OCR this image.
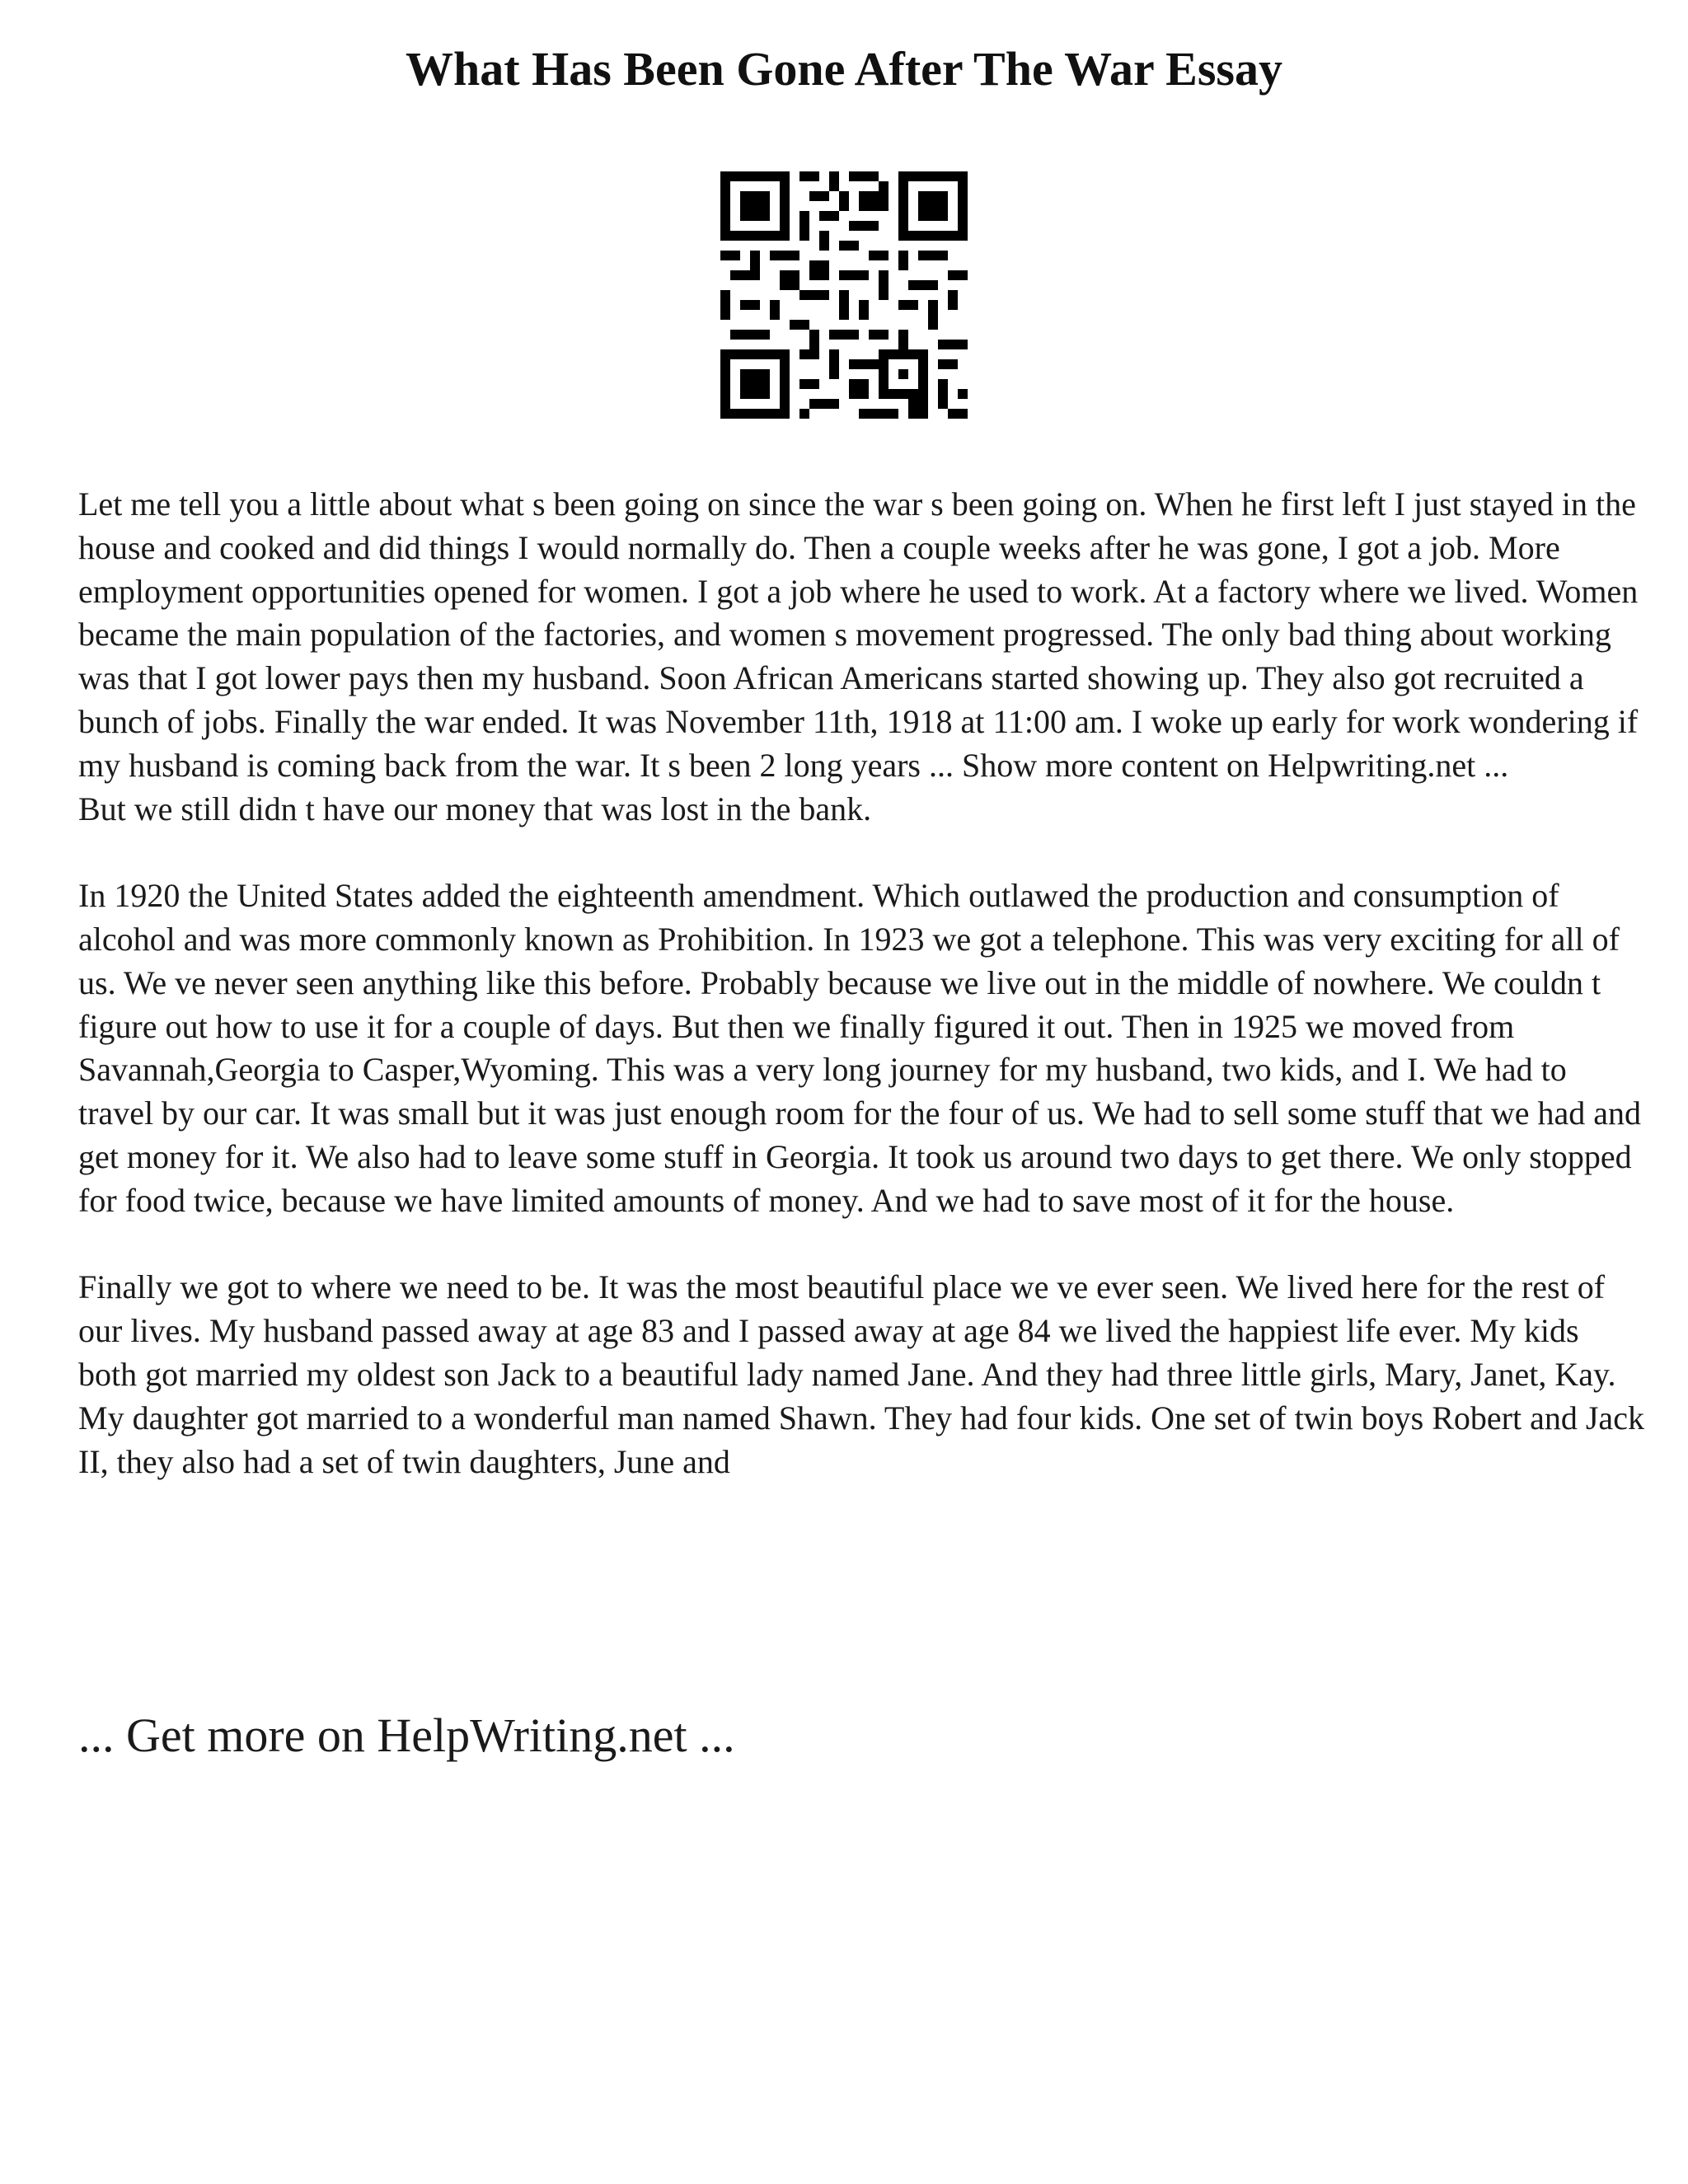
What Has Been Gone After The War Essay

Let me tell you a little about what s been going on since the war s been going on. When he first left I just stayed in the house and cooked and did things I would normally do. Then a couple weeks after he was gone, I got a job. More employment opportunities opened for women. I got a job where he used to work. At a factory where we lived. Women became the main population of the factories, and women s movement progressed. The only bad thing about working was that I got lower pays then my husband. Soon African Americans started showing up. They also got recruited a bunch of jobs. Finally the war ended. It was November 11th, 1918 at 11:00 am. I woke up early for work wondering if my husband is coming back from the war. It s been 2 long years ... Show more content on Helpwriting.net ...
But we still didn t have our money that was lost in the bank.

In 1920 the United States added the eighteenth amendment. Which outlawed the production and consumption of alcohol and was more commonly known as Prohibition. In 1923 we got a telephone. This was very exciting for all of us. We ve never seen anything like this before. Probably because we live out in the middle of nowhere. We couldn t figure out how to use it for a couple of days. But then we finally figured it out. Then in 1925 we moved from Savannah,Georgia to Casper,Wyoming. This was a very long journey for my husband, two kids, and I. We had to travel by our car. It was small but it was just enough room for the four of us. We had to sell some stuff that we had and get money for it. We also had to leave some stuff in Georgia. It took us around two days to get there. We only stopped for food twice, because we have limited amounts of money. And we had to save most of it for the house.

Finally we got to where we need to be. It was the most beautiful place we ve ever seen. We lived here for the rest of our lives. My husband passed away at age 83 and I passed away at age 84 we lived the happiest life ever. My kids both got married my oldest son Jack to a beautiful lady named Jane. And they had three little girls, Mary, Janet, Kay. My daughter got married to a wonderful man named Shawn. They had four kids. One set of twin boys Robert and Jack II, they also had a set of twin daughters, June and

... Get more on HelpWriting.net ...
